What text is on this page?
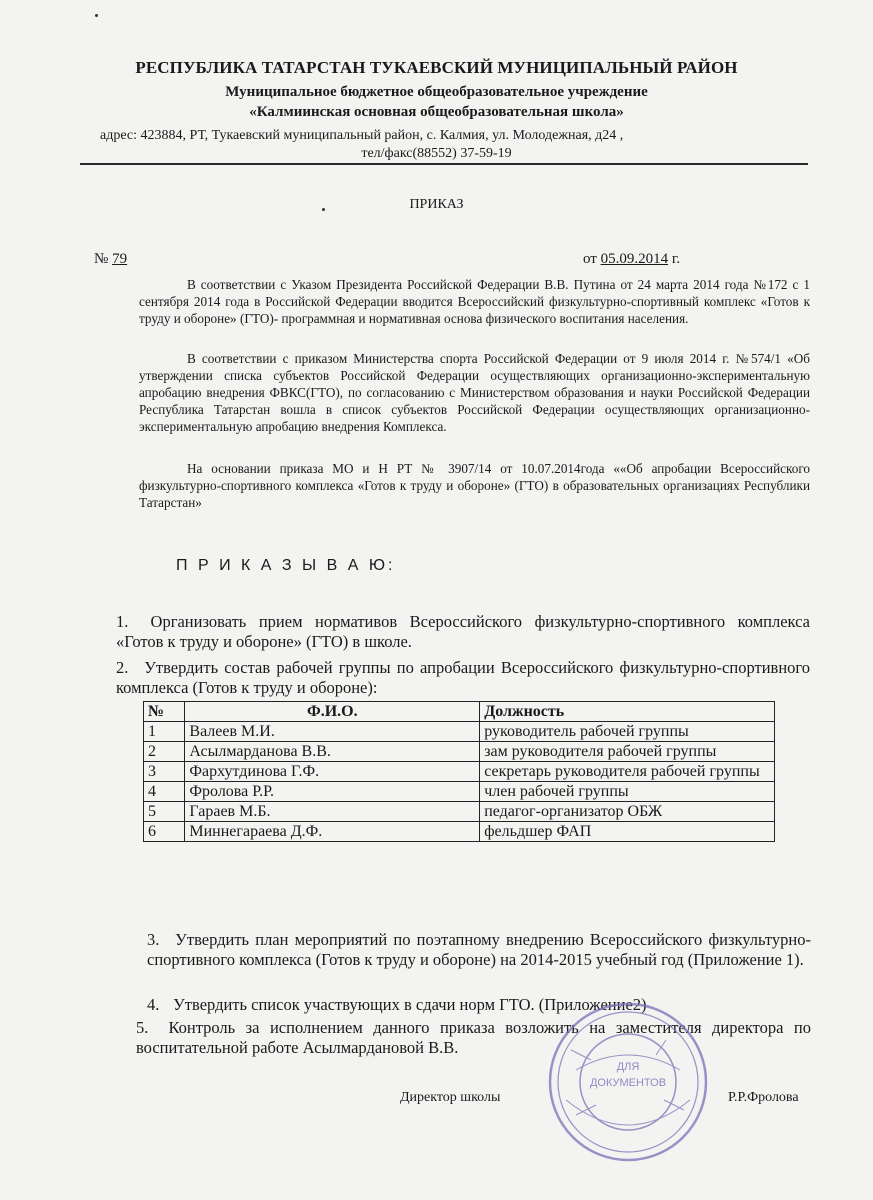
РЕСПУБЛИКА ТАТАРСТАН ТУКАЕВСКИЙ МУНИЦИПАЛЬНЫЙ РАЙОН
Муниципальное бюджетное общеобразовательное учреждение
«Калмиинская основная общеобразовательная школа»
адрес: 423884, РТ, Тукаевский муниципальный район, с. Калмия, ул. Молодежная, д24 ,
тел/факс(88552) 37-59-19
ПРИКАЗ
№ 79	от 05.09.2014 г.

В соответствии с Указом Президента Российской Федерации В.В. Путина от 24 марта 2014 года №172 с 1 сентября 2014 года в Российской Федерации вводится Всероссийский физкультурно-спортивный комплекс «Готов к труду и обороне» (ГТО)- программная и нормативная основа физического воспитания населения.

В соответствии с приказом Министерства спорта Российской Федерации от 9 июля 2014 г. №574/1 «Об утверждении списка субъектов Российской Федерации осуществляющих организационно-экспериментальную апробацию внедрения ФВКС(ГТО), по согласованию с Министерством образования и науки Российской Федерации Республика Татарстан вошла в список субъектов Российской Федерации осуществляющих организационно-экспериментальную апробацию внедрения Комплекса.

На основании приказа МО и Н РТ № 3907/14 от 10.07.2014года ««Об апробации Всероссийского физкультурно-спортивного комплекса «Готов к труду и обороне» (ГТО) в образовательных организациях Республики Татарстан»

П Р И К А З Ы В А Ю:

1. Организовать прием нормативов Всероссийского физкультурно-спортивного комплекса «Готов к труду и обороне» (ГТО) в школе.

2. Утвердить состав рабочей группы по апробации Всероссийского физкультурно-спортивного комплекса (Готов к труду и обороне):

№	Ф.И.О.	Должность
1	Валеев М.И.	руководитель рабочей группы
2	Асылмарданова В.В.	зам руководителя рабочей группы
3	Фархутдинова Г.Ф.	секретарь руководителя рабочей группы
4	Фролова Р.Р.	член рабочей группы
5	Гараев М.Б.	педагог-организатор ОБЖ
6	Миннегараева Д.Ф.	фельдшер ФАП

3. Утвердить план мероприятий по поэтапному внедрению Всероссийского физкультурно-спортивного комплекса (Готов к труду и обороне) на 2014-2015 учебный год (Приложение 1).

4. Утвердить список участвующих в сдачи норм ГТО. (Приложение2)

5. Контроль за исполнением данного приказа возложить на заместителя директора по воспитательной работе Асылмардановой В.В.

ДЛЯ
ДОКУМЕНТОВ
Директор школы	Р.Р.Фролова
